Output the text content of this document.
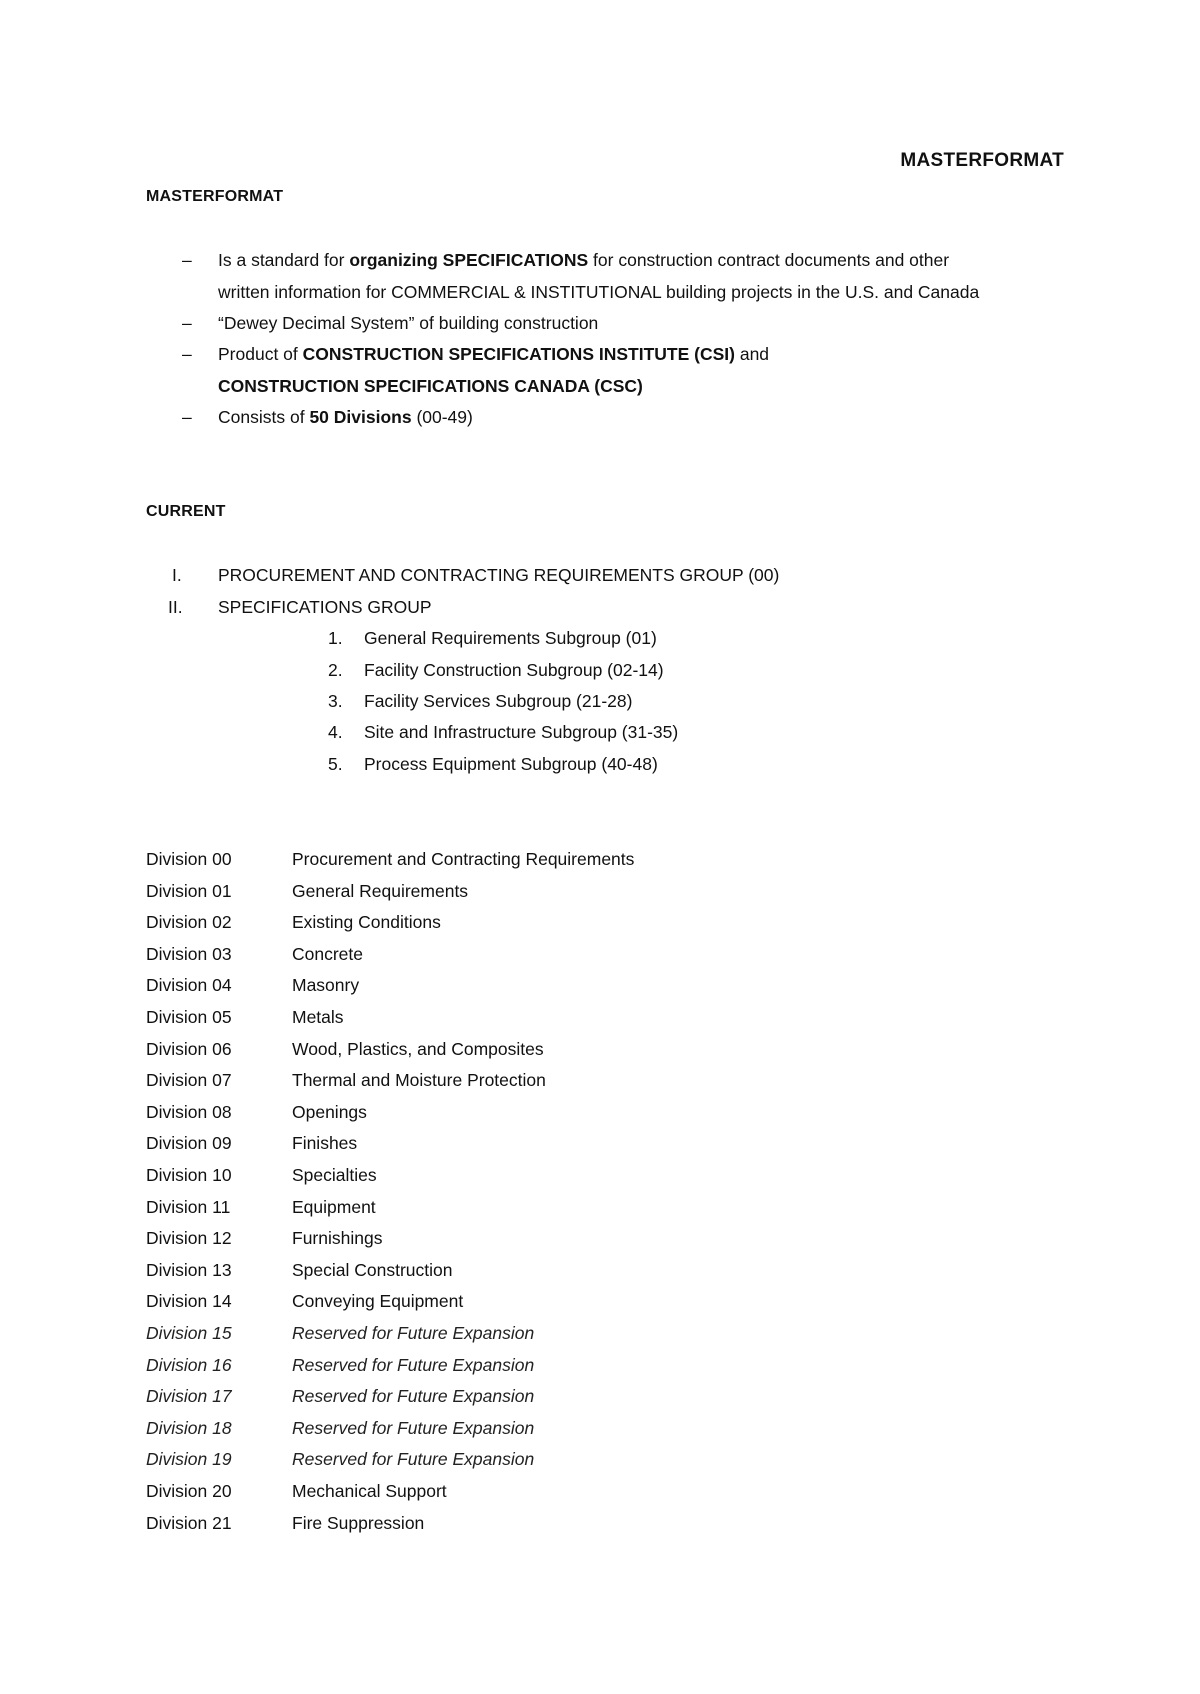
MASTERFORMAT
MASTERFORMAT
– Is a standard for organizing SPECIFICATIONS for construction contract documents and other
written information for COMMERCIAL & INSTITUTIONAL building projects in the U.S. and Canada
– “Dewey Decimal System” of building construction
– Product of CONSTRUCTION SPECIFICATIONS INSTITUTE (CSI) and
CONSTRUCTION SPECIFICATIONS CANADA (CSC)
– Consists of 50 Divisions (00-49)
CURRENT
I. PROCUREMENT AND CONTRACTING REQUIREMENTS GROUP (00)
II. SPECIFICATIONS GROUP
1. General Requirements Subgroup (01)
2. Facility Construction Subgroup (02-14)
3. Facility Services Subgroup (21-28)
4. Site and Infrastructure Subgroup (31-35)
5. Process Equipment Subgroup (40-48)
Division 00	Procurement and Contracting Requirements
Division 01	General Requirements
Division 02	Existing Conditions
Division 03	Concrete
Division 04	Masonry
Division 05	Metals
Division 06	Wood, Plastics, and Composites
Division 07	Thermal and Moisture Protection
Division 08	Openings
Division 09	Finishes
Division 10	Specialties
Division 11	Equipment
Division 12	Furnishings
Division 13	Special Construction
Division 14	Conveying Equipment
Division 15	Reserved for Future Expansion
Division 16	Reserved for Future Expansion
Division 17	Reserved for Future Expansion
Division 18	Reserved for Future Expansion
Division 19	Reserved for Future Expansion
Division 20	Mechanical Support
Division 21	Fire Suppression
